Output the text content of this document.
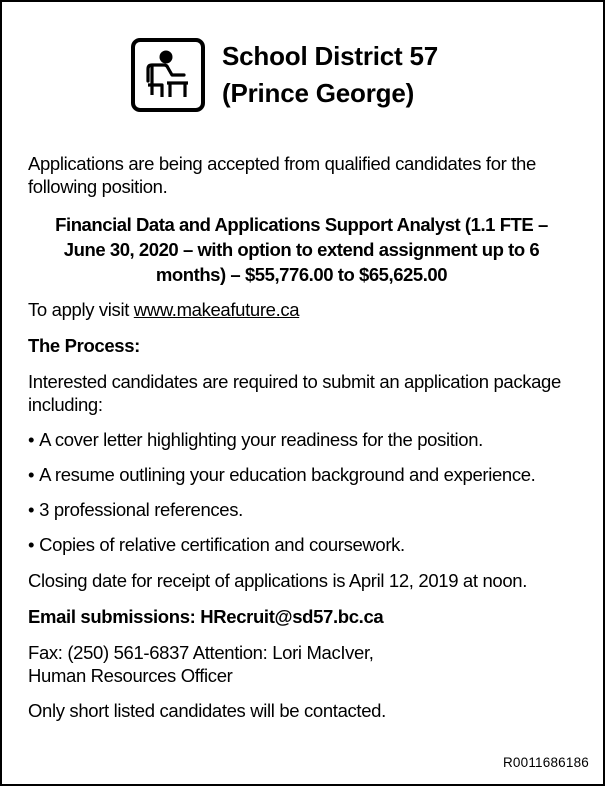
School District 57
(Prince George)

Applications are being accepted from qualified candidates for the following position.

Financial Data and Applications Support Analyst (1.1 FTE –
June 30, 2020 – with option to extend assignment up to 6
months) – $55,776.00 to $65,625.00

To apply visit www.makeafuture.ca

The Process:

Interested candidates are required to submit an application package including:

• A cover letter highlighting your readiness for the position.
• A resume outlining your education background and experience.
• 3 professional references.
• Copies of relative certification and coursework.

Closing date for receipt of applications is April 12, 2019 at noon.

Email submissions: HRecruit@sd57.bc.ca

Fax: (250) 561-6837 Attention: Lori MacIver,
Human Resources Officer

Only short listed candidates will be contacted.

R0011686186
